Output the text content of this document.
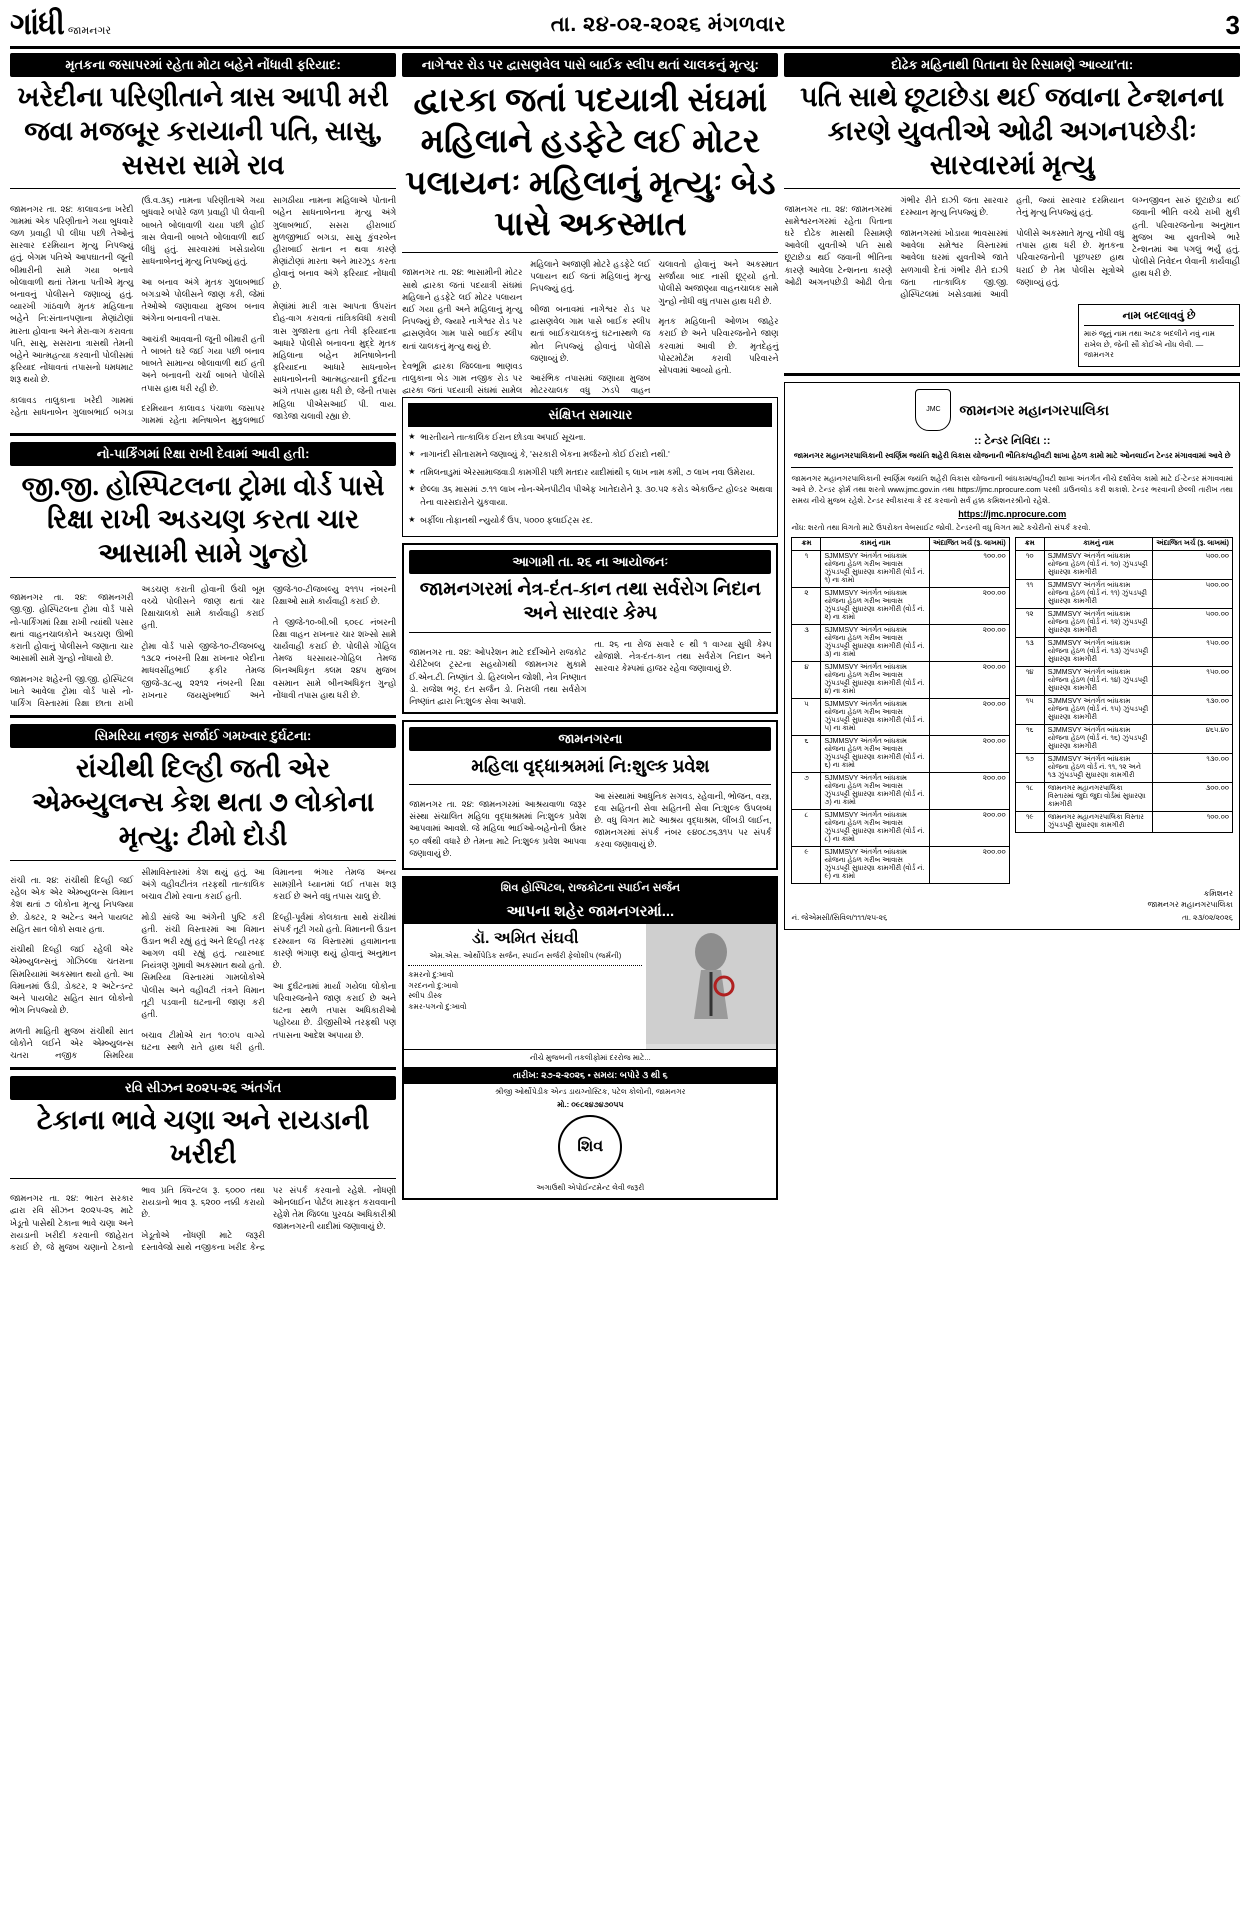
ગાંધી જામનગર	તા. ૨૪-૦૨-૨૦૨૬ મંગળવાર	3
મૃતકના જસાપરમાં રહેતા મોટા બહેને નોંધાવી ફરિયાદ:
ખરેદીના પરિણીતાને ત્રાસ આપી મરી જવા મજબૂર કરાયાની પતિ, સાસુ, સસરા સામે રાવ

જામનગર તા. ૨૪: કાલાવડના ખરેદી ગામમાં એક પરિણીતાને ગયા બુધવારે જળ પ્રવાહી પી લીધા પછી તેઓનું સારવાર દરમિયાન મૃત્યુ નિપજ્યું હતું. બેગમ પતિએ આપઘાતની જૂની બીમારીની સામે ગયા બનાવે બોલાવાળી થતાં તેમના પતીએ મૃત્યુ બનાવનું પોલીસને જણાવ્યું હતું. વ્યારખી ગાંઠવાળે મૃતક મહિલાના બહેને નિ:સંતાનપણાના મેણાંટોણાં મારતા હોવાના અને મેરા-વાગ કરાવતા પતિ, સાસુ, સસરાના ત્રાસથી તેમની બહેને આત્મહત્યા કરવાની પોલીસમાં ફરિયાદ નોંધાવતાં તપાસનો ધમધમાટ શરૂ થયો છે.

કાલાવડ તાલુકાના ખરેદી ગામમાં રહેતા સાધનાબેન ગુલાબભાઈ બગડા (ઉ.વ.૩૬) નામના પરિણીતાએ ગયા બુધવારે બપોરે જળ પ્રવાહી પી લેવાની બાબતે બોલાવાળી ચયા પછી હોઈ ત્રાસ લેવાની બાબતે બોલાવાળી થઈ લીધું હતું. સારવારમાં ખસેડાયેલા સાધનાબેનનું મૃત્યુ નિપજ્યું હતું.

આ બનાવ અંગે મૃતક ગુલાબભાઈ બગડાએ પોલીસને જાણ કરી, જેમાં તેઓએ જણાવાયા મુજબ બનાવ અંગેના બનાવની તપાસ.

આચંકી આવવાની જૂની બીમારી હતી તે બાબતે ઘરે જઈ ગયા પછી બનાવ બાબતે સામાન્ય બોલાવાળી થઈ હતી અને બનાવની ચર્ચા બાબતે પોલીસે તપાસ હાથ ધરી રહી છે.

દરમિયાન કાલાવડ પંચાળા જસાપર ગામમાં રહેતા મનિષાબેન મુકુલભાઈ સાગઠીયા નામના મહિલાએ પોતાની બહેન સાધનાબેનના મૃત્યુ અંગે ગુલાબભાઈ, સસરા હીરાબાઈ મુળજીભાઈ બગડા, સાસુ કુંવરબેન હીરાબાઈ સતાન ન થવા કારણે મેણાંટોણાં મારતા અને મારઝૂડ કરતા હોવાનું બનાવ અંગે ફરિયાદ નોંધાવી છે.

મેણાંમાં મારી ત્રાસ આપતા ઉપરાંત દોહ-વાગ કરાવતાં તાંત્રિકવિધી કરાવી ત્રાસ ગુજારતા હતા તેવી ફરિયાદના આધારે પોલીસે બનાવના મુદ્દે મૃતક મહિલાના બહેન મનિષાબેનની ફરિયાદના આધારે સાધનાબેન સાધનાબેનની આત્મહત્યાની દુર્ઘટના અંગે તપાસ હાથ ધરી છે, જેની તપાસ મહિલા પીએસઆઈ પી. વાય. જાડેજા ચલાવી રહ્યા છે.

નો-પાર્કિંગમાં રિક્ષા રાખી દેવામાં આવી હતી:
જી.જી. હોસ્પિટલના ટ્રોમા વોર્ડ પાસે રિક્ષા રાખી અડચણ કરતા ચાર આસામી સામે ગુન્હો

જામનગર તા. ૨૪: જામનગરી જી.જી. હોસ્પિટલના ટ્રોમા વોર્ડ પાસે નો-પાર્કિંગમાં રિક્ષા રાખી ત્યાંથી પસાર થતાં વાહનચાલકોને અડચણ ઊભી કરાતી હોવાનું પોલીસને જણાતા ચાર આસામી સામે ગુન્હો નોંધાયો છે.

જામનગર શહેરની જી.જી. હોસ્પિટલ ખાતે આવેલા ટ્રોમા વોર્ડ પાસે નો-પાર્કિંગ વિસ્તારમાં રિક્ષા છાતા રાખી અડચણ કરાતી હોવાની ઉંચી બૂમ વચ્ચે પોલીસને જાણ થતાં ચાર રિક્ષાચાલકો સામે કાર્યવાહી કરાઈ હતી.

ટ્રોમા વોર્ડ પાસે જીજે-૧૦-ટીજબલ્યુ ૧૩૮૨ નંબરની રિક્ષા રાખનાર બેદીના માધવસીંહભાઈ ફકીર તેમજ જીજે-૩૮-યુ ૨૨૧૨ નંબરની રિક્ષા રાખનાર જયસુખભાઈ અને જીજે-૧૦-ટીજબલ્યુ ૨૧૧૫ નંબરની રિક્ષાઓ સામે કાર્યવાહી કરાઈ છે.

તે જીજે-૧૦-બી.બી ૬૦૯૮ નંબરની રિક્ષા વાહન રાખનાર ચાર શખ્સો સામે ચાર્યવાહી કરાઈ છે. પોલીસે ગોહિલ તેમજ ધરસાયર-ગોહિલ તેમજ બિનઅધિકૃત ક્લમ ૨૪૫ મુજબ વસમાન સામે બીનઅધિકૃત ગુન્હો નોંધાવી તપાસ હાથ ધરી છે.

સિમરિયા નજીક સર્જાઈ ગમખ્વાર દુર્ઘટના:
રાંચીથી દિલ્હી જતી એર એમ્બ્યુલન્સ કેશ થતા ૭ લોકોના મૃત્યુ: ટીમો દોડી

રાંચી તા. ૨૪: રાંચીથી દિલ્હી જઈ રહેલ એક એર એમ્બ્યુલન્સ વિમાન કેશ થતાં ૭ લોકોના મૃત્યુ નિપજ્યા છે. ડોક્ટર, ૨ અટેન્ડ અને પાયલટ સહિત સાત લોકો સવાર હતા.

રાંચીથી દિલ્હી જઈ રહેલી એર એમ્બ્યુલન્સનું ગોઝિલ્લા ચતરાના સિમરિયામાં અકસ્માત થયો હતો. આ વિમાનમાં ઉડી, ડોક્ટર, ૨ અટેન્ડન્ટ અને પાયલોટ સહિત સાત લોકોનો ભોગ નિપજ્યો છે.

મળતી માહિતી મુજબ રાંચીથી સાત લોકોને લઈને એર એમ્બ્યુલન્સ ચતરા નજીક સિમરિયા સીમાવિસ્તારમાં કેશ થયું હતું. આ અંગે વહીવટીતંત્ર તરફથી તાત્કાલિક બચાવ ટીમો રવાના કરાઈ હતી.

મોડી સાંજે આ અંગેની પુષ્ટિ કરી હતી. રાંચી વિસ્તારમાં આ વિમાન ઉડાન ભરી રહ્યું હતું અને દિલ્હી તરફ આગળ વધી રહ્યું હતું. ત્યારબાદ નિયંત્રણ ગુમાવી અકસ્માત થયો હતો. સિમરિયા વિસ્તારમાં ગામલોકોએ પોલીસ અને વહીવટી તંત્રને વિમાન તૂટી પડવાની ઘટનાની જાણ કરી હતી.

બચાવ ટીમોએ રાત ૧૦:૦૫ વાગ્યે ઘટના સ્થળે રાતે હાથ ધરી હતી. વિમાનના ભંગાર તેમજ અન્ય સામગ્રીને ધ્યાનમાં લઈ તપાસ શરૂ કરાઈ છે અને વધુ તપાસ ચાલુ છે.

દિલ્હી-પૂર્વમાં કોલકાતા સાથે રાંચીમાં સંપર્ક તૂટી ગયો હતો. વિમાનની ઉડાન દરમ્યાન જ વિસ્તારમાં હવામાનના કારણે ભંગાણ થયું હોવાનું અનુમાન છે.

આ દુર્ઘટનામાં માર્યા ગયેલા લોકોના પરિવારજનોને જાણ કરાઈ છે અને ઘટના સ્થળે તપાસ અધિકારીઓ પહોંચ્યા છે. ડીજીસીએ તરફથી પણ તપાસના આદેશ અપાયા છે.

રવિ સીઝન ૨૦૨૫-૨૬ અંતર્ગત
ટેકાના ભાવે ચણા અને રાયડાની ખરીદી

જામનગર તા. ૨૪: ભારત સરકાર દ્વારા રવિ સીઝન ૨૦૨૫-૨૬ માટે ખેડૂતો પાસેથી ટેકાના ભાવે ચણા અને રાયડાની ખરીદી કરવાની જાહેરાત કરાઈ છે, જે મુજબ ચણાનો ટેકાનો ભાવ પ્રતિ ક્વિન્ટલ રૂ. ૬૦૦૦ તથા રાયડાનો ભાવ રૂ. ૬૨૦૦ નક્કી કરાયો છે.

ખેડૂતોએ નોંધણી માટે જરૂરી દસ્તાવેજો સાથે નજીકના ખરીદ કેન્દ્ર પર સંપર્ક કરવાનો રહેશે. નોંધણી ઓનલાઈન પોર્ટલ મારફત કરાવવાની રહેશે તેમ જિલ્લા પુરવઠા અધિકારીશ્રી જામનગરની યાદીમાં જણાવાયું છે.

નાગેશ્વર રોડ પર દ્વાસણવેલ પાસે બાઈક સ્લીપ થતાં ચાલકનું મૃત્યુ:
દ્વારકા જતાં પદયાત્રી સંઘમાં મહિલાને હડફેટે લઈ મોટર પલાયનઃ મહિલાનું મૃત્યુઃ બેડ પાસે અકસ્માત

જામનગર તા. ૨૪: ભાસામીની મોટર સાથે દ્વારકા જતાં પદયાત્રી સંઘમાં મહિલાને હડફેટે લઈ મોટર પલાયન થઈ ગયા હતી અને મહિલાનું મૃત્યુ નિપજ્યું છે, જ્યારે નાગેશ્વર રોડ પર દ્વાસણવેલ ગામ પાસે બાઈક સ્લીપ થતાં ચાલકનું મૃત્યુ થયું છે.

દેવભૂમિ દ્વારકા જિલ્લાના ભાણવડ તાલુકાના બેડ ગામ નજીક રોડ પર દ્વારકા જતાં પદયાત્રી સંઘમાં સામેલ મહિલાને અજાણી મોટરે હડફેટે લઈ પલાયન થઈ જતાં મહિલાનું મૃત્યુ નિપજ્યું હતું.

બીજા બનાવમાં નાગેશ્વર રોડ પર દ્વાસણવેલ ગામ પાસે બાઈક સ્લીપ થતાં બાઈકચાલકનું ઘટનાસ્થળે જ મોત નિપજ્યું હોવાનું પોલીસે જણાવ્યું છે.

આરંભિક તપાસમાં જણાયા મુજબ મોટરચાલક વધુ ઝડપે વાહન ચલાવતો હોવાનું અને અકસ્માત સર્જાયા બાદ નાસી છૂટ્યો હતો. પોલીસે અજાણ્યા વાહનચાલક સામે ગુન્હો નોંધી વધુ તપાસ હાથ ધરી છે.

મૃતક મહિલાની ઓળખ જાહેર કરાઈ છે અને પરિવારજનોને જાણ કરવામાં આવી છે. મૃતદેહનું પોસ્ટમોર્ટમ કરાવી પરિવારને સોંપવામાં આવ્યો હતો.

સંક્ષિપ્ત સમાચાર
★ ભારતીયને તાત્કાલિક ઈરાન છોડવા અપાઈ સૂચના.
★ નાગાનંદી સીતારામને જણાવ્યું કે, 'સરકારી બેંકના મર્જરનો કોઈ ઈરાદો નથી.'
★ તમિલનાડુમાં એરસામાજવાડી કામગીરી પછી મતદાર યાદીમાંથી ૬ લાખ નામ કમી, ૭ લાખ નવા ઉમેરાય.
★ છેલ્લા ૩૬ માસમાં ૭.૧૧ લાખ નોન-એનપીટીવ પીએફ ખાતેદારોને રૂ. ૩૦.૫૨ કરોડ એકાઉન્ટ હોલ્ડર અથવા તેના વારસદારોને ચુકવાયા.
★ બર્ફીલા તોફાનથી ન્યુયોર્ક ઉપ, ૫૦૦૦ ફલાઈટ્સ રદ.
આગામી તા. ૨૬ ના આયોજનઃ
જામનગરમાં નેત્ર-દંત-કાન તથા સર્વરોગ નિદાન અને સારવાર કેમ્પ

જામનગર તા. ૨૪: ઓપરેશન માટે દર્દીઓને રાજકોટ ચેરીટેબલ ટ્રસ્ટના સહયોગથી જામનગર મુકામે ઈ.એન.ટી. નિષ્ણાંત ડો. હિરલબેન જોશી, નેત્ર નિષ્ણાત ડો. રાજેશ ભટ્ટ, દંત સર્જન ડો. નિરાલી તથા સર્વરોગ નિષ્ણાંત દ્વારા નિ:શુલ્ક સેવા અપાશે.

તા. ૨૬ ના રોજ સવારે ૯ થી ૧ વાગ્યા સુધી કેમ્પ યોજાશે. નેત્ર-દંત-કાન તથા સર્વરોગ નિદાન અને સારવાર કેમ્પમાં હાજર રહેવા જણાવાયું છે.

જામનગરના
મહિલા વૃદ્ધાશ્રમમાં નિ:શુલ્ક પ્રવેશ

જામનગર તા. ૨૪: જામનગરમાં આશ્રયવાળા જરૂર સંસ્થા સંચાલિત મહિલા વૃદ્ધાશ્રમમાં નિ:શુલ્ક પ્રવેશ આપવામાં આવશે. જે મહિલા ભાઈઓ-બહેનોની ઉંમર ૬૦ વર્ષથી વધારે છે તેમના માટે નિ:શુલ્ક પ્રવેશ આપવા જણાવાયું છે.

આ સંસ્થામાં આધુનિક સગવડ, રહેવાની, ભોજન, વસ્ત્ર, દવા સહિતની સેવા સહિતની સેવા નિ:શુલ્ક ઉપલબ્ધ છે. વધુ વિગત માટે આશ્રય વૃદ્ધાશ્રમ, લીંબડી લાઈન, જામનગરમાં સંપર્ક નંબર ૯૪૦૮૭૬૩૧૫ પર સંપર્ક કરવા જણાવાયું છે.

શિવ હોસ્પિટલ, રાજકોટના સ્પાઈન સર્જન
આપના શહેર જામનગરમાં...
ડૉ. અમિત સંઘવી
એમ.એસ. ઓર્થોપેડિક સર્જન, સ્પાઈન સર્જરી ફેલોશીપ (જર્મની)
કમરનો દુ:ખાવો
ગરદનનો દુ:ખાવો
સ્લીપ ડીસ્ક
કમર-પગનો દુ:ખાવો
નીચે મુજબની તકલીફોમાં દરરોજ માટે...
તારીખ: ૨૭-૨-૨૦૨૬ • સમય: બપોરે ૩ થી ૬
શ્રીજી ઓર્થોપેડીક એન્ડ ડાયગ્નોસ્ટિક, પટેલ કોલોની, જામનગર
મો.: ૦૯૮૨૪૭૪૭૦૫૫
શિવ
અગાઉથી એપોઈન્ટમેન્ટ લેવી જરૂરી
દોઢેક મહિનાથી પિતાના ઘેર રિસામણે આવ્યા'તા:
પતિ સાથે છૂટાછેડા થઈ જવાના ટેન્શનના કારણે યુવતીએ ઓઢી અગનપછેડીઃ સારવારમાં મૃત્યુ

જામનગર તા. ૨૪: જામનગરમાં સામેશ્વરનગરમાં રહેતા પિતાના ઘરે દોઢેક માસથી રિસામણે આવેલી યુવતીએ પતિ સાથે છૂટાછેડા થઈ જવાની ભીતિના કારણે આવેલા ટેન્શનના કારણે ઓઢી અગનપછેડી ઓઢી લેતા ગંભીર રીતે દાઝી જતા સારવાર દરમ્યાન મૃત્યુ નિપજ્યું છે.

જામનગરમાં ખોડાયા ભાવસારમાં આવેલા સમેશ્વર વિસ્તારમાં આવેલા ઘરમાં યુવતીએ જાતે સળગાવી દેતાં ગંભીર રીતે દાઝી જતા તાત્કાલિક જી.જી. હોસ્પિટલમાં ખસેડવામાં આવી હતી, જ્યાં સારવાર દરમિયાન તેનું મૃત્યુ નિપજ્યું હતું.

પોલીસે અકસ્માતે મૃત્યુ નોંધી વધુ તપાસ હાથ ધરી છે. મૃતકના પરિવારજનોની પૂછપરછ હાથ ધરાઈ છે તેમ પોલીસ સૂત્રોએ જણાવ્યું હતું.

લગ્નજીવન સારું છૂટાછેડા થઈ જવાની ભીતિ વચ્ચે રાખી મુકી હતી. પરિવારજનોના અનુમાન મુજબ આ યુવતીએ ભારે ટેન્શનમાં આ પગલું ભર્યું હતું. પોલીસે નિવેદન લેવાની કાર્યવાહી હાથ ધરી છે.

નામ બદલાવવું છે
મારું જૂનું નામ તથા અટક બદલીને નવું નામ રાખેલ છે, જેની સૌ કોઈએ નોંધ લેવી. — જામનગર
JMC	જામનગર મહાનગરપાલિકા
:: ટેન્ડર નિવિદા ::
જામનગર મહાનગરપાલિકાની સ્વર્ણિમ જયંતિ શહેરી વિકાસ યોજનાની ભૌતિક/વહીવટી શાખા હેઠળ કામો માટે ઓનલાઈન ટેન્ડર મંગાવવામાં આવે છે
જામનગર મહાનગરપાલિકાની સ્વર્ણિમ જયંતિ શહેરી વિકાસ યોજનાની બાંધકામ/વહીવટી શાખા અંતર્ગત નીચે દર્શાવેલ કામો માટે ઈ-ટેન્ડર મંગાવવામાં આવે છે. ટેન્ડર ફોર્મ તથા શરતો www.jmc.gov.in તથા https://jmc.nprocure.com પરથી ડાઉનલોડ કરી શકાશે. ટેન્ડર ભરવાની છેલ્લી તારીખ તથા સમય નીચે મુજબ રહેશે. ટેન્ડર સ્વીકારવા કે રદ કરવાનો સર્વ હક્ક કમિશનરશ્રીનો રહેશે.
https://jmc.nprocure.com
નોંધ: શરતો તથા વિગતો માટે ઉપરોક્ત વેબસાઈટ જોવી. ટેન્ડરની વધુ વિગત માટે કચેરીનો સંપર્ક કરવો.
ક્રમ	કામનું નામ	અંદાજિત ખર્ચ (રૂ. લાખમાં)
૧	SJMMSVY અંતર્ગત બાંધકામ યોજના હેઠળ ગરીબ આવાસ ઝુંપડપટ્ટી સુધારણા કામગીરી (વોર્ડ નં. ૧) ના કામો	૧૦૦.૦૦
૨	SJMMSVY અંતર્ગત બાંધકામ યોજના હેઠળ ગરીબ આવાસ ઝુંપડપટ્ટી સુધારણા કામગીરી (વોર્ડ નં. ૨) ના કામો	૨૦૦.૦૦
૩	SJMMSVY અંતર્ગત બાંધકામ યોજના હેઠળ ગરીબ આવાસ ઝુંપડપટ્ટી સુધારણા કામગીરી (વોર્ડ નં. ૩) ના કામો	૨૦૦.૦૦
૪	SJMMSVY અંતર્ગત બાંધકામ યોજના હેઠળ ગરીબ આવાસ ઝુંપડપટ્ટી સુધારણા કામગીરી (વોર્ડ નં. ૪) ના કામો	૨૦૦.૦૦
૫	SJMMSVY અંતર્ગત બાંધકામ યોજના હેઠળ ગરીબ આવાસ ઝુંપડપટ્ટી સુધારણા કામગીરી (વોર્ડ નં. ૫) ના કામો	૨૦૦.૦૦
૬	SJMMSVY અંતર્ગત બાંધકામ યોજના હેઠળ ગરીબ આવાસ ઝુંપડપટ્ટી સુધારણા કામગીરી (વોર્ડ નં. ૬) ના કામો	૨૦૦.૦૦
૭	SJMMSVY અંતર્ગત બાંધકામ યોજના હેઠળ ગરીબ આવાસ ઝુંપડપટ્ટી સુધારણા કામગીરી (વોર્ડ નં. ૭) ના કામો	૨૦૦.૦૦
૮	SJMMSVY અંતર્ગત બાંધકામ યોજના હેઠળ ગરીબ આવાસ ઝુંપડપટ્ટી સુધારણા કામગીરી (વોર્ડ નં. ૮) ના કામો	૨૦૦.૦૦
૯	SJMMSVY અંતર્ગત બાંધકામ યોજના હેઠળ ગરીબ આવાસ ઝુંપડપટ્ટી સુધારણા કામગીરી (વોર્ડ નં. ૯) ના કામો	૨૦૦.૦૦
ક્રમ	કામનું નામ	અંદાજિત ખર્ચ (રૂ. લાખમાં)
૧૦	SJMMSVY અંતર્ગત બાંધકામ યોજના હેઠળ (વોર્ડ નં. ૧૦) ઝુંપડપટ્ટી સુધારણા કામગીરી	૫૦૦.૦૦
૧૧	SJMMSVY અંતર્ગત બાંધકામ યોજના હેઠળ (વોર્ડ નં. ૧૧) ઝુંપડપટ્ટી સુધારણા કામગીરી	૫૦૦.૦૦
૧૨	SJMMSVY અંતર્ગત બાંધકામ યોજના હેઠળ (વોર્ડ નં. ૧૨) ઝુંપડપટ્ટી સુધારણા કામગીરી	૫૦૦.૦૦
૧૩	SJMMSVY અંતર્ગત બાંધકામ યોજના હેઠળ (વોર્ડ નં. ૧૩) ઝુંપડપટ્ટી સુધારણા કામગીરી	૧૫૦.૦૦
૧૪	SJMMSVY અંતર્ગત બાંધકામ યોજના હેઠળ (વોર્ડ નં. ૧૪) ઝુંપડપટ્ટી સુધારણા કામગીરી	૧૫૦.૦૦
૧૫	SJMMSVY અંતર્ગત બાંધકામ યોજના હેઠળ (વોર્ડ નં. ૧૫) ઝુંપડપટ્ટી સુધારણા કામગીરી	૧૩૦.૦૦
૧૬	SJMMSVY અંતર્ગત બાંધકામ યોજના હેઠળ (વોર્ડ નં. ૧૬) ઝુંપડપટ્ટી સુધારણા કામગીરી	૪૬૫.૪૦
૧૭	SJMMSVY અંતર્ગત બાંધકામ યોજના હેઠળ વોર્ડ નં. ૧૧, ૧૨ અને ૧૩ ઝુંપડપટ્ટી સુધારણા કામગીરી	૧૩૦.૦૦
૧૮	જામનગર મહાનગરપાલિકા વિસ્તારમાં જુદા જુદા વોર્ડમાં સુધારણા કામગીરી	૩૦૦.૦૦
૧૯	જામનગર મહાનગરપાલિકા વિસ્તાર ઝુંપડપટ્ટી સુધારણા કામગીરી	૧૦૦.૦૦
કમિશનર
જામનગર મહાનગરપાલિકા
નં. જેએમસી/સિવિલ/૧૧૧/૨૫-૨૬	તા. ૨૩/૦૨/૨૦૨૬
